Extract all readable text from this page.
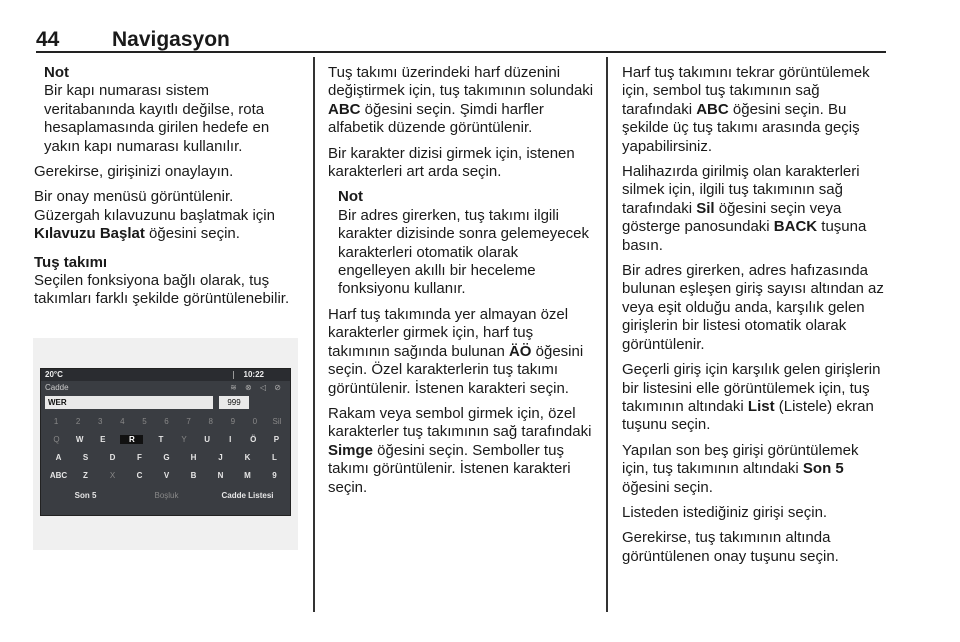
44	Navigasyon
Not
Bir kapı numarası sistem veritabanında kayıtlı değilse, rota hesaplamasında girilen hedefe en yakın kapı numarası kullanılır.

Gerekirse, girişinizi onaylayın.

Bir onay menüsü görüntülenir. Güzergah kılavuzunu başlatmak için Kılavuzu Başlat öğesini seçin.

Tuş takımı

Seçilen fonksiyona bağlı olarak, tuş takımları farklı şekilde görüntülenebilir.

20°C	10:22
Cadde	≋ ⊗ ◁ ⊘
WER	999
1	2	3	4	5	6	7	8	9	0	Sil
Q	W	E	R	T	Y	U	I	Ö	P
A	S	D	F	G	H	J	K	L
ABC	Z	X	C	V	B	N	M	9
Son 5	Boşluk	Cadde Listesi

Tuş takımı üzerindeki harf düzenini değiştirmek için, tuş takımının solundaki ABC öğesini seçin. Şimdi harfler alfabetik düzende görüntülenir.

Bir karakter dizisi girmek için, istenen karakterleri art arda seçin.

Not
Bir adres girerken, tuş takımı ilgili karakter dizisinde sonra gelemeyecek karakterleri otomatik olarak engelleyen akıllı bir heceleme fonksiyonu kullanır.

Harf tuş takımında yer almayan özel karakterler girmek için, harf tuş takımının sağında bulunan ÄÖ öğesini seçin. Özel karakterlerin tuş takımı görüntülenir. İstenen karakteri seçin.

Rakam veya sembol girmek için, özel karakterler tuş takımının sağ tarafındaki Simge öğesini seçin. Semboller tuş takımı görüntülenir. İstenen karakteri seçin.

Harf tuş takımını tekrar görüntülemek için, sembol tuş takımının sağ tarafındaki ABC öğesini seçin. Bu şekilde üç tuş takımı arasında geçiş yapabilirsiniz.

Halihazırda girilmiş olan karakterleri silmek için, ilgili tuş takımının sağ tarafındaki Sil öğesini seçin veya gösterge panosundaki BACK tuşuna basın.

Bir adres girerken, adres hafızasında bulunan eşleşen giriş sayısı altından az veya eşit olduğu anda, karşılık gelen girişlerin bir listesi otomatik olarak görüntülenir.

Geçerli giriş için karşılık gelen girişlerin bir listesini elle görüntülemek için, tuş takımının altındaki List (Listele) ekran tuşunu seçin.

Yapılan son beş girişi görüntülemek için, tuş takımının altındaki Son 5 öğesini seçin.

Listeden istediğiniz girişi seçin.

Gerekirse, tuş takımının altında görüntülenen onay tuşunu seçin.
